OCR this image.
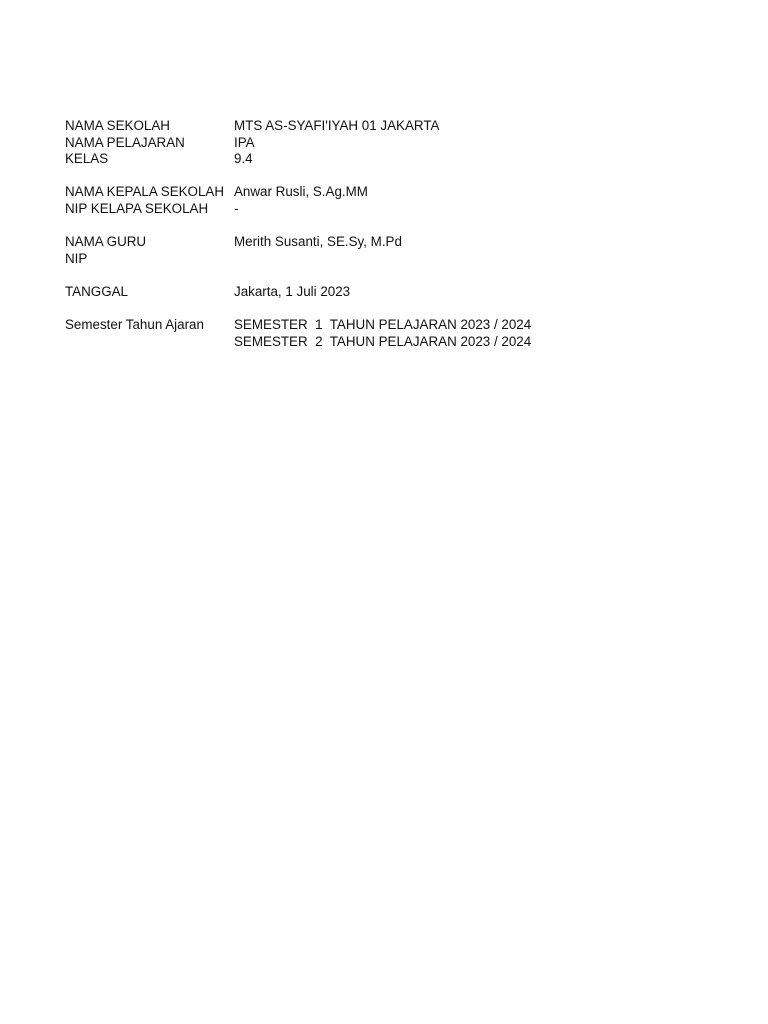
NAMA SEKOLAH	MTS AS-SYAFI'IYAH 01 JAKARTA
NAMA PELAJARAN	IPA
KELAS	9.4
NAMA KEPALA SEKOLAH Anwar Rusli, S.Ag.MM
NIP KELAPA SEKOLAH	-
NAMA GURU	Merith Susanti, SE.Sy, M.Pd
NIP
TANGGAL	Jakarta, 1 Juli 2023
Semester Tahun Ajaran	SEMESTER  1  TAHUN PELAJARAN 2023 / 2024
SEMESTER  2  TAHUN PELAJARAN 2023 / 2024
